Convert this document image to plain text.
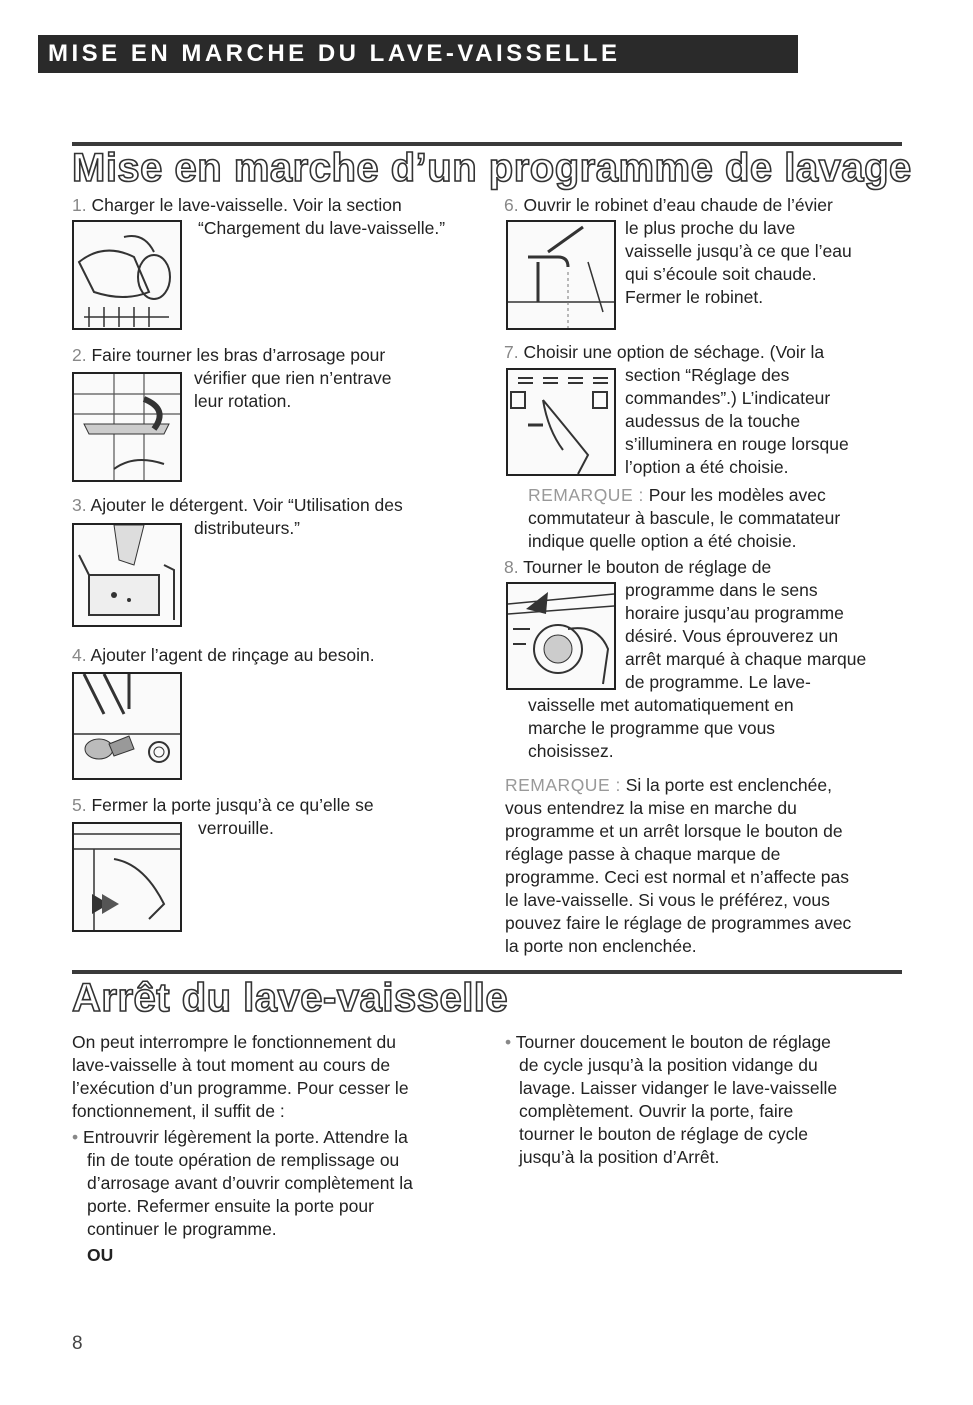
MISE EN MARCHE DU LAVE-VAISSELLE
Mise en marche d’un programme de lavage
1. Charger le lave-vaisselle. Voir la section
“Chargement du lave-vaisselle.”
2. Faire tourner les bras d’arrosage pour
vérifier que rien n’entrave
leur rotation.
3. Ajouter le détergent. Voir “Utilisation des
distributeurs.”
4. Ajouter l’agent de rinçage au besoin.
5. Fermer la porte jusqu’à ce qu’elle se
verrouille.
6. Ouvrir le robinet d’eau chaude de l’évier
le plus proche du lave
vaisselle jusqu’à ce que l’eau
qui s’écoule soit chaude.
Fermer le robinet.
7. Choisir une option de séchage. (Voir la
section “Réglage des
commandes”.) L’indicateur
audessus de la touche
s’illuminera en rouge lorsque
l’option a été choisie.
REMARQUE : Pour les modèles avec
commutateur à bascule, le commatateur
indique quelle option a été choisie.
8. Tourner le bouton de réglage de
programme dans le sens
horaire jusqu’au programme
désiré. Vous éprouverez un
arrêt marqué à chaque marque
de programme. Le lave-
vaisselle met automatiquement en
marche le programme que vous
choisissez.
REMARQUE : Si la porte est enclenchée,
vous entendrez la mise en marche du
programme et un arrêt lorsque le bouton de
réglage passe à chaque marque de
programme. Ceci est normal et n’affecte pas
le lave-vaisselle. Si vous le préférez, vous
pouvez faire le réglage de programmes avec
la porte non enclenchée.
Arrêt du lave-vaisselle
On peut interrompre le fonctionnement du
lave-vaisselle à tout moment au cours de
l’exécution d’un programme. Pour cesser le
fonctionnement, il suffit de :
• Entrouvrir légèrement la porte. Attendre la
fin de toute opération de remplissage ou
d’arrosage avant d’ouvrir complètement la
porte. Refermer ensuite la porte pour
continuer le programme.
OU
• Tourner doucement le bouton de réglage
de cycle jusqu’à la position vidange du
lavage. Laisser vidanger le lave-vaisselle
complètement. Ouvrir la porte, faire
tourner le bouton de réglage de cycle
jusqu’à la position d’Arrêt.
8
